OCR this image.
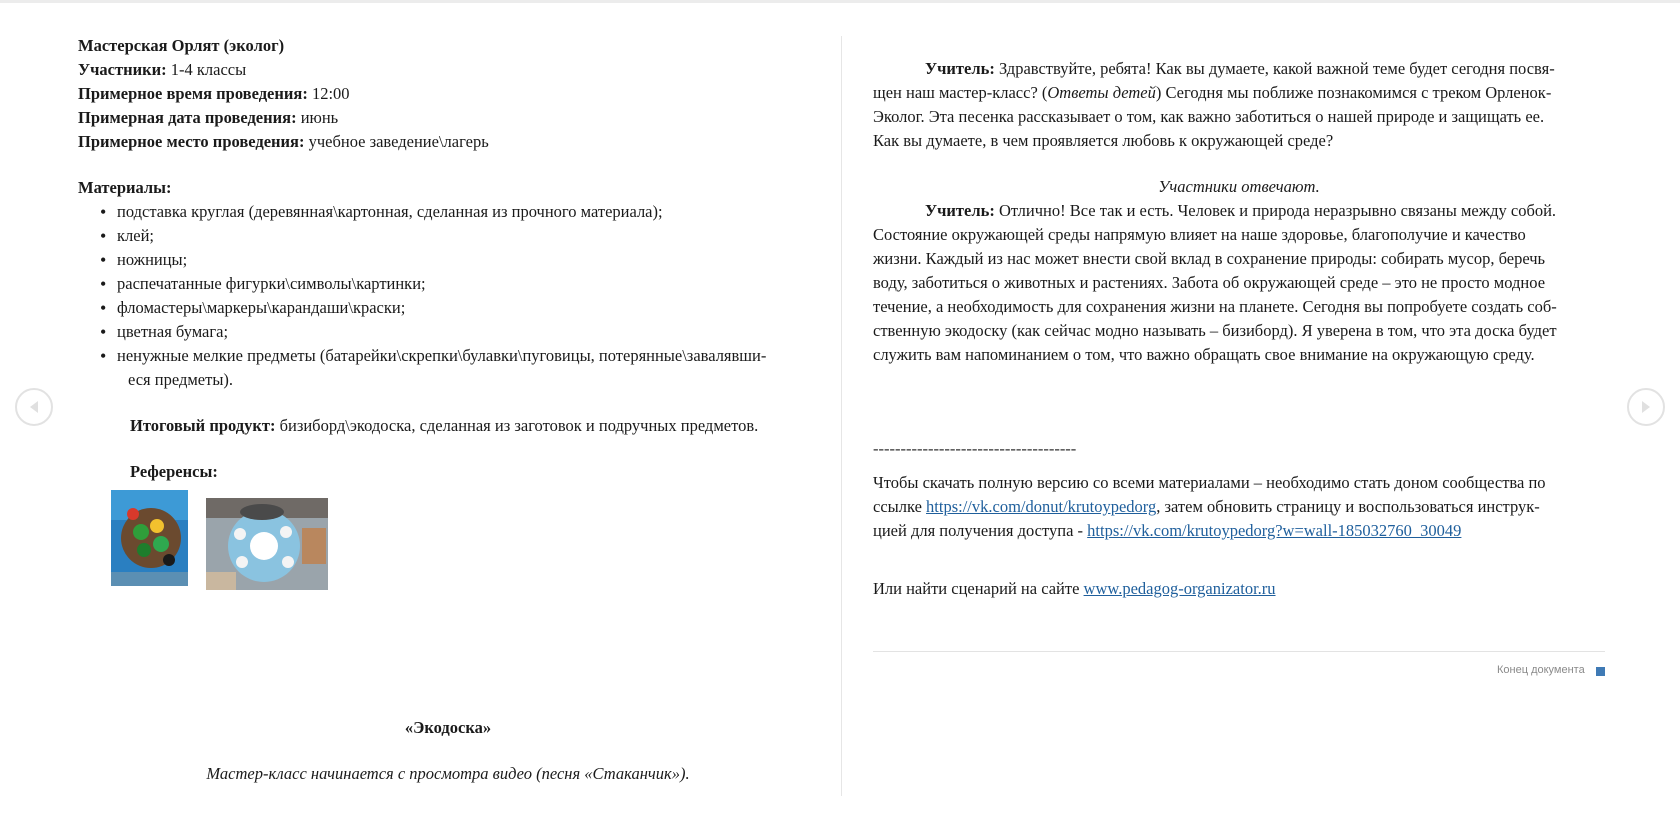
Мастерская Орлят (эколог)
Участники: 1-4 классы
Примерное время проведения: 12:00
Примерная дата проведения: июнь
Примерное место проведения: учебное заведение\лагерь
Материалы:
• подставка круглая (деревянная\картонная, сделанная из прочного материала);
• клей;
• ножницы;
• распечатанные фигурки\символы\картинки;
• фломастеры\маркеры\карандаши\краски;
• цветная бумага;
• ненужные мелкие предметы (батарейки\скрепки\булавки\пуговицы, потерянные\завалявши-
еся предметы).
Итоговый продукт: бизиборд\экодоска, сделанная из заготовок и подручных предметов.
Референсы:
«Экодоска»
Мастер-класс начинается с просмотра видео (песня «Стаканчик»).
Учитель: Здравствуйте, ребята! Как вы думаете, какой важной теме будет сегодня посвя-
щен наш мастер-класс? (Ответы детей) Сегодня мы поближе познакомимся с треком Орленок-
Эколог. Эта песенка рассказывает о том, как важно заботиться о нашей природе и защищать ее.
Как вы думаете, в чем проявляется любовь к окружающей среде?
Участники отвечают.
Учитель: Отлично! Все так и есть. Человек и природа неразрывно связаны между собой.
Состояние окружающей среды напрямую влияет на наше здоровье, благополучие и качество
жизни. Каждый из нас может внести свой вклад в сохранение природы: собирать мусор, беречь
воду, заботиться о животных и растениях. Забота об окружающей среде – это не просто модное
течение, а необходимость для сохранения жизни на планете. Сегодня вы попробуете создать соб-
ственную экодоску (как сейчас модно называть – бизиборд). Я уверена в том, что эта доска будет
служить вам напоминанием о том, что важно обращать свое внимание на окружающую среду.
-------------------------------------
Чтобы скачать полную версию со всеми материалами – необходимо стать доном сообщества по
ссылке https://vk.com/donut/krutoypedorg, затем обновить страницу и воспользоваться инструк-
цией для получения доступа - https://vk.com/krutoypedorg?w=wall-185032760_30049
Или найти сценарий на сайте www.pedagog-organizator.ru
Конец документа
